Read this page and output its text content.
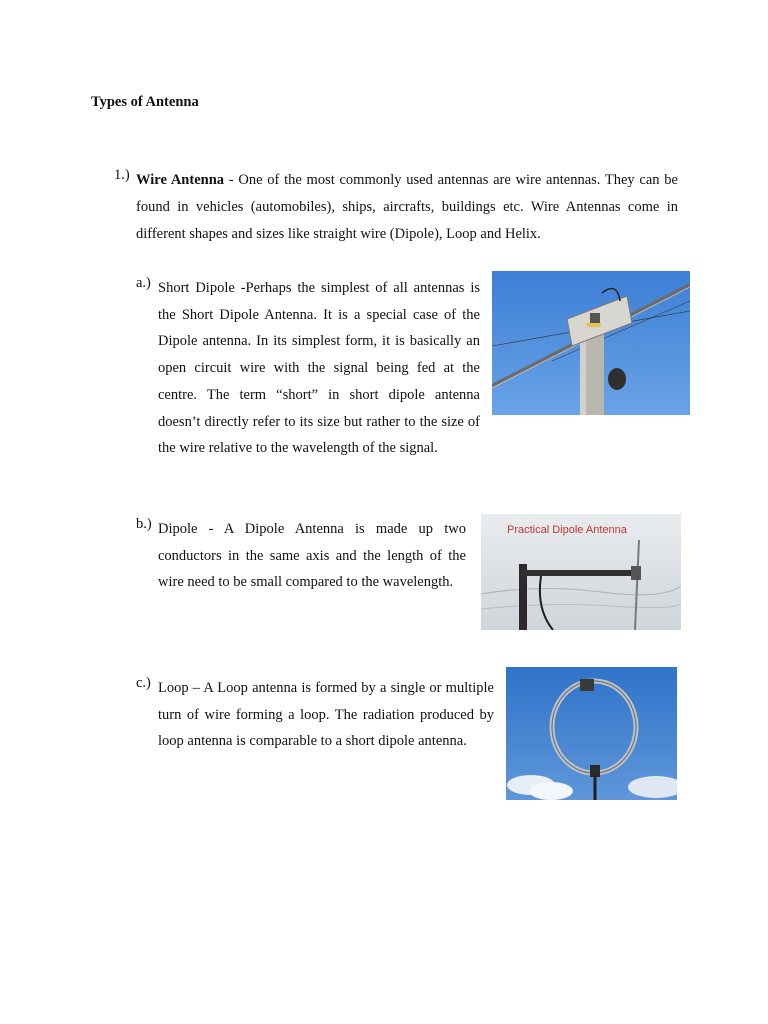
Types of Antenna
1.) Wire Antenna - One of the most commonly used antennas are wire antennas. They can be found in vehicles (automobiles), ships, aircrafts, buildings etc. Wire Antennas come in different shapes and sizes like straight wire (Dipole), Loop and Helix.
a.) Short Dipole -Perhaps the simplest of all antennas is the Short Dipole Antenna. It is a special case of the Dipole antenna. In its simplest form, it is basically an open circuit wire with the signal being fed at the centre. The term “short” in short dipole antenna doesn’t directly refer to its size but rather to the size of the wire relative to the wavelength of the signal.
b.) Dipole - A Dipole Antenna is made up two conductors in the same axis and the length of the wire need to be small compared to the wavelength.
Practical Dipole Antenna
c.) Loop – A Loop antenna is formed by a single or multiple turn of wire forming a loop. The radiation produced by loop antenna is comparable to a short dipole antenna.
